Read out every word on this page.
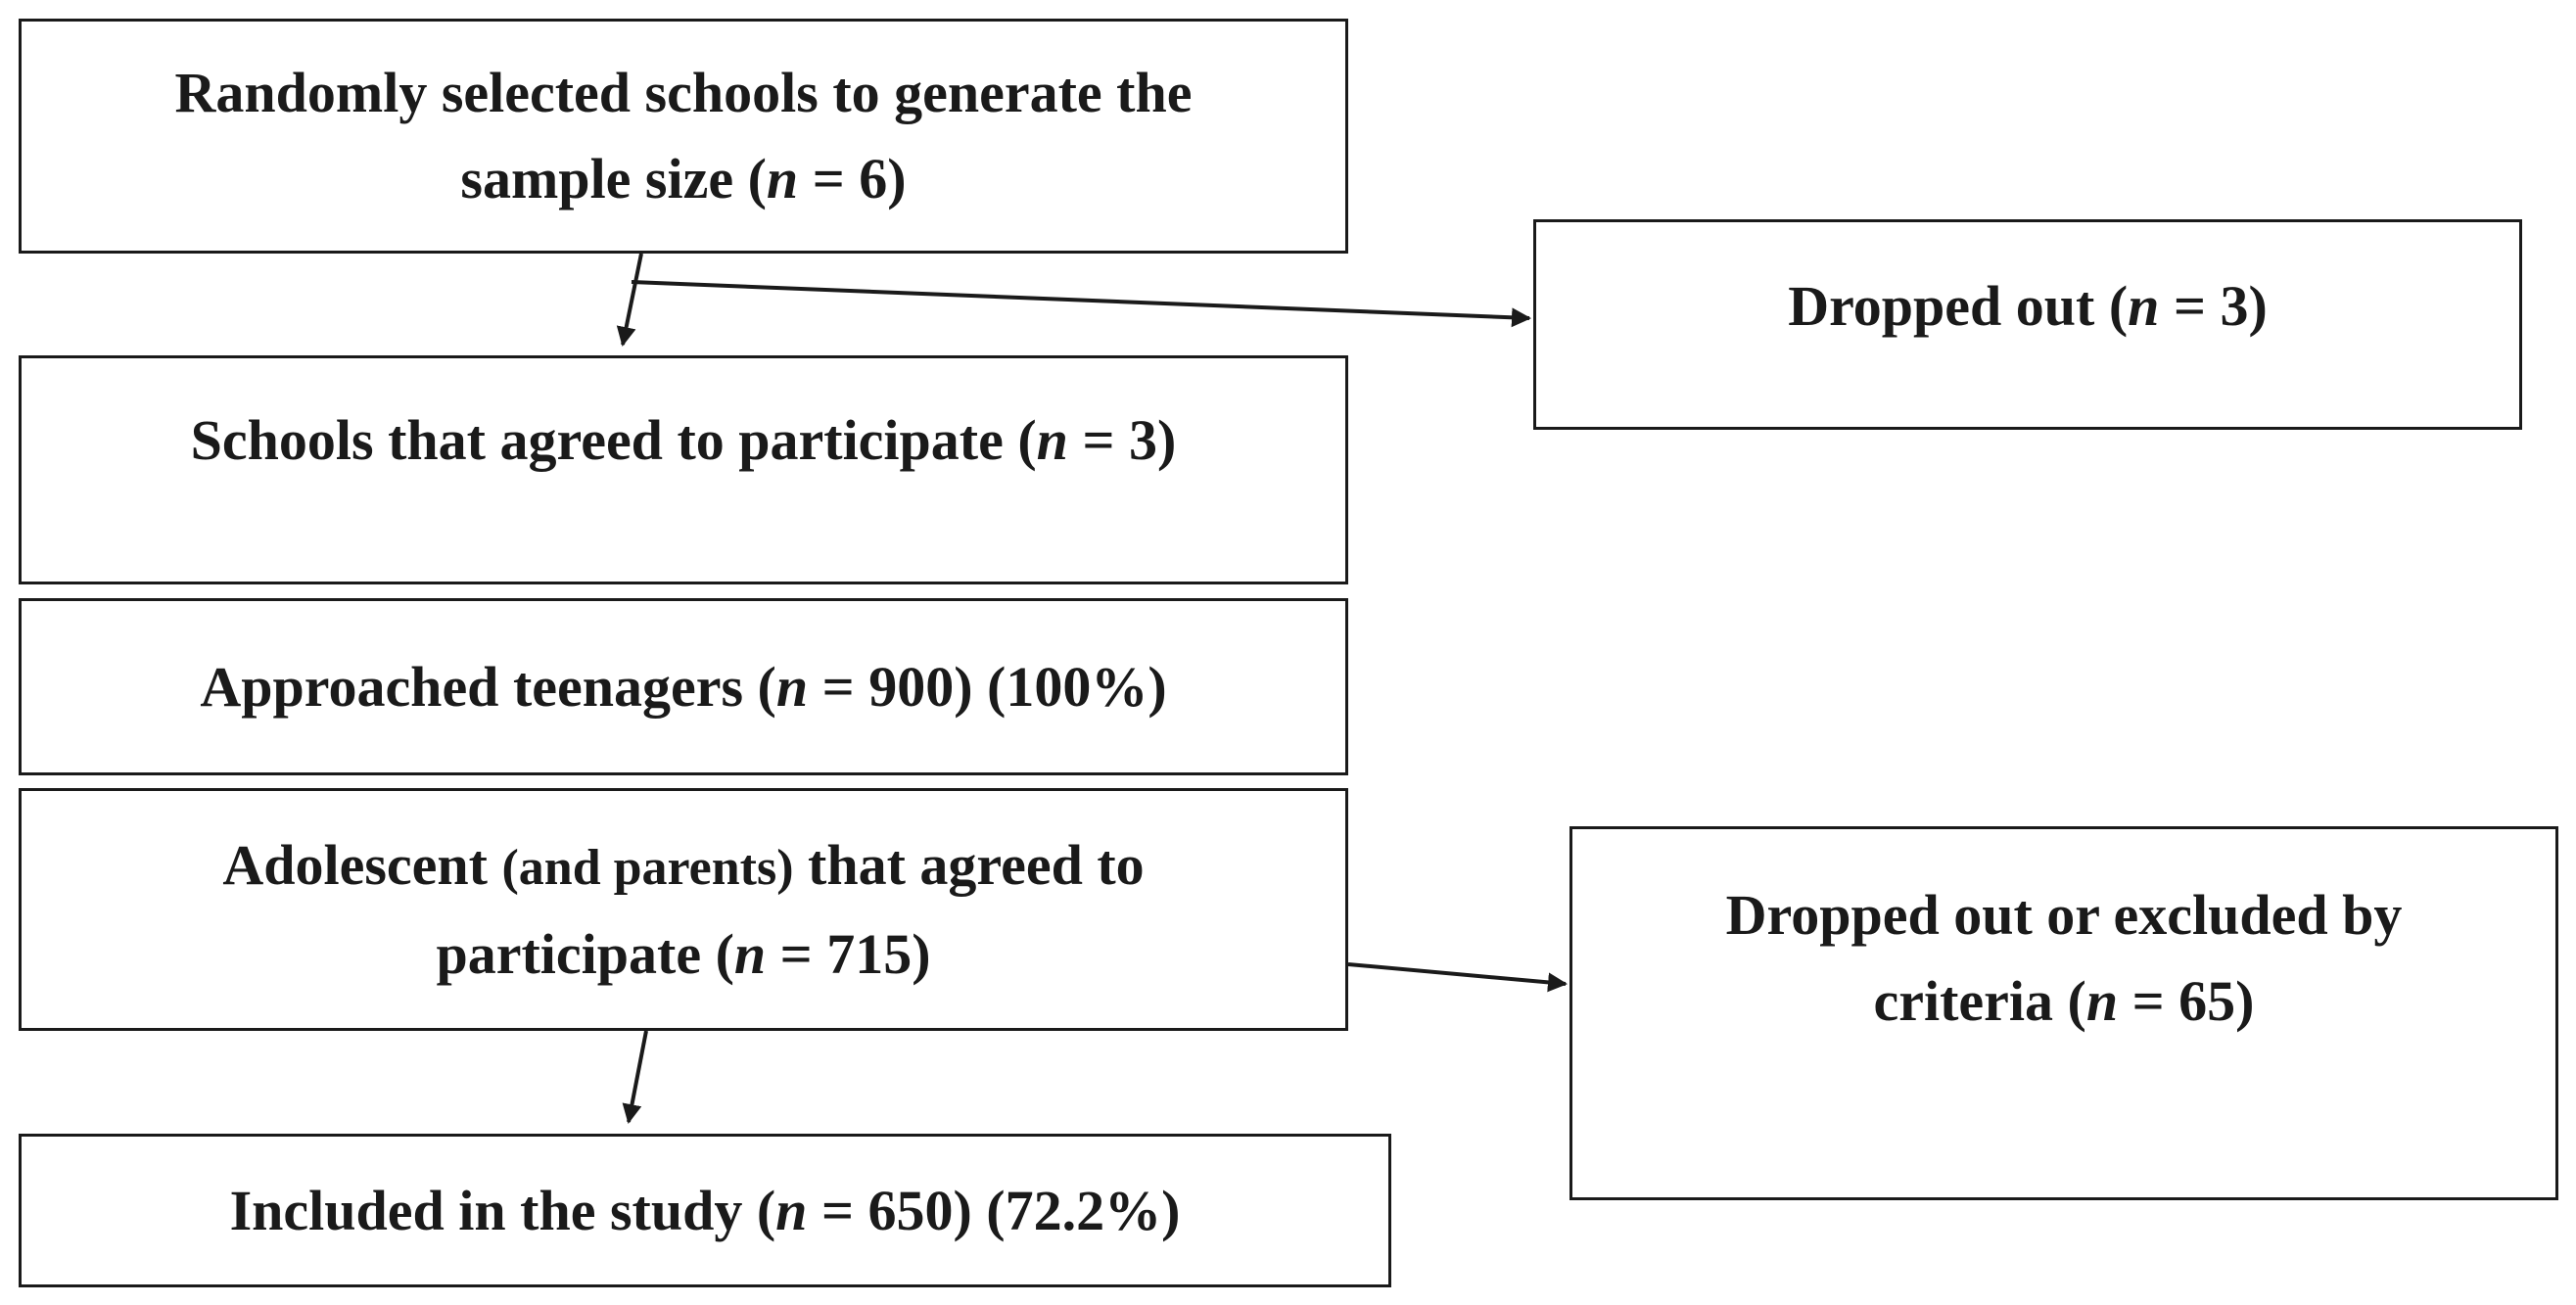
Randomly selected schools to generate the
sample size (n = 6)
Dropped out (n = 3)
Schools that agreed to participate (n = 3)
Approached teenagers (n = 900) (100%)
Adolescent (and parents) that agreed to
participate (n = 715)
Dropped out or excluded by
criteria (n = 65)
Included in the study (n = 650) (72.2%)
